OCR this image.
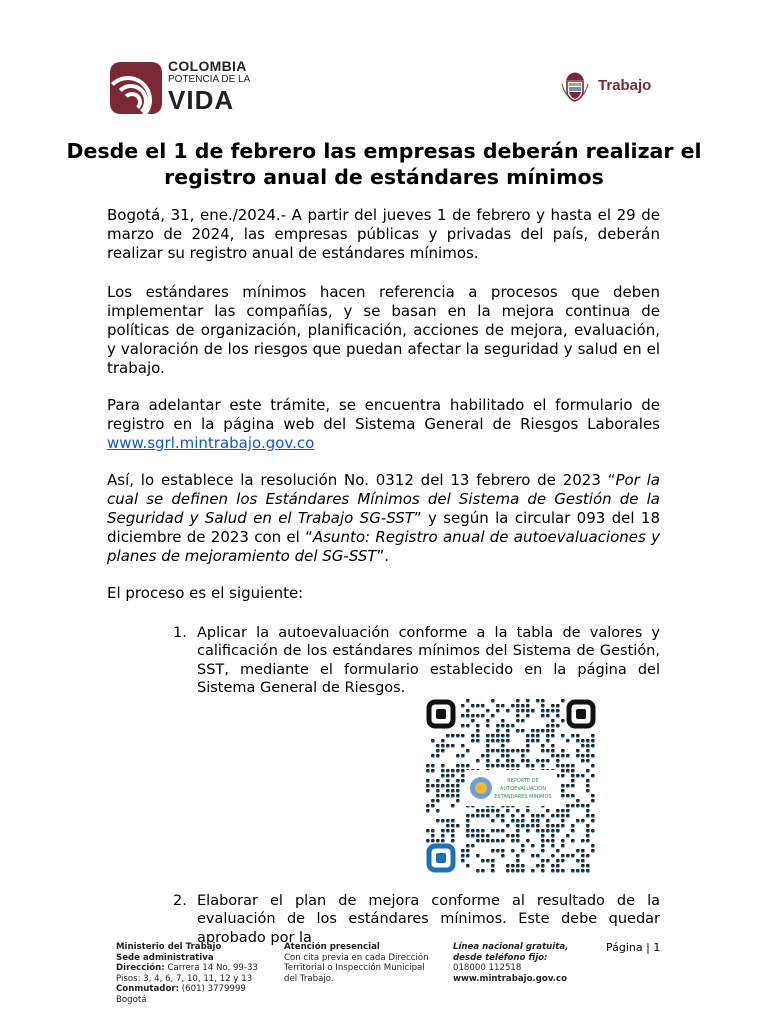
COLOMBIA
POTENCIA DE LA
VIDA	Trabajo
Desde el 1 de febrero las empresas deberán realizar el registro anual de estándares mínimos
Bogotá, 31, ene./2024.- A partir del jueves 1 de febrero y hasta el 29 de marzo de 2024, las empresas públicas y privadas del país, deberán realizar su registro anual de estándares mínimos.
Los estándares mínimos hacen referencia a procesos que deben implementar las compañías, y se basan en la mejora continua de políticas de organización, planificación, acciones de mejora, evaluación, y valoración de los riesgos que puedan afectar la seguridad y salud en el trabajo.
Para adelantar este trámite, se encuentra habilitado el formulario de registro en la página web del Sistema General de Riesgos Laborales www.sgrl.mintrabajo.gov.co
Así, lo establece la resolución No. 0312 del 13 febrero de 2023 “Por la cual se definen los Estándares Mínimos del Sistema de Gestión de la Seguridad y Salud en el Trabajo SG-SST” y según la circular 093 del 18 diciembre de 2023 con el “Asunto: Registro anual de autoevaluaciones y planes de mejoramiento del SG-SST”.
El proceso es el siguiente:
1. Aplicar la autoevaluación conforme a la tabla de valores y calificación de los estándares mínimos del Sistema de Gestión, SST, mediante el formulario establecido en la página del Sistema General de Riesgos.
REPORTE DE
AUTOEVALUACIÓN
ESTÁNDARES MÍNIMOS
2. Elaborar el plan de mejora conforme al resultado de la evaluación de los estándares mínimos. Este debe quedar aprobado por la
Ministerio del Trabajo
Sede administrativa
Dirección: Carrera 14 No. 99-33
Pisos: 3, 4, 6, 7, 10, 11, 12 y 13
Conmutador: (601) 3779999
Bogotá
Atención presencial
Con cita previa en cada Dirección
Territorial o Inspección Municipal
del Trabajo.
Línea nacional gratuita,
desde teléfono fijo:
018000 112518
www.mintrabajo.gov.co
Página | 1
